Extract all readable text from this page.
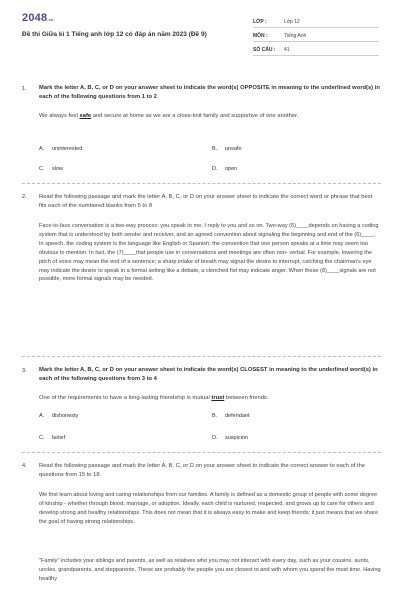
2048.vn
Đề thi Giữa kì 1 Tiếng anh lớp 12 có đáp án năm 2023 (Đề 9)
LỚP :	Lớp 12
MÔN :	Tiếng Anh
SỐ CÂU :	41
1. Mark the letter A, B, C, or D on your answer sheet to indicate the word(s) OPPOSITE in meaning to the underlined word(s) in each of the following questions from 1 to 2
We always feel safe and secure at home as we are a close-knit family and supportive of one another.
A. uninterested	B. unsafe
C. slow	D. open
2. Read the following passage and mark the letter A, B, C, or D on your answer sheet to indicate the correct word or phrase that best fits each of the numbered blanks from 5 to 8

Face-to-face conversation is a two-way process: you speak to me, I reply to you and so on. Two-way (5)____depends on having a coding system that is understood by both sender and receiver, and an agreed convention about signaling the beginning and end of the (6)____. In speech, the coding system is the language like English or Spanish; the convention that one person speaks at a time may seem too obvious to mention. In fact, the (7)____that people use in conversations and meetings are often non- verbal. For example, lowering the pitch of voice may mean the end of a sentence; a sharp intake of breath may signal the desire to interrupt, catching the chairman's eye may indicate the desire to speak in a formal setting like a debate, a clenched fist may indicate anger. When these (8)____signals are not possible, more formal signals may be needed.

3. Mark the letter A, B, C, or D on your answer sheet to indicate the word(s) CLOSEST in meaning to the underlined word(s) in each of the following questions from 3 to 4
One of the requirements to have a long-lasting friendship is mutual trust between friends.
A. dishonesty	B. defendant
C. belief	D. suspicion
4. Read the following passage and mark the letter A, B, C, or D on your answer sheet to indicate the correct answer to each of the questions from 15 to 18.

We first learn about loving and caring relationships from our families. A family is defined as a domestic group of people with some degree of kinship - whether through blood, marriage, or adoption. Ideally, each child is nurtured, respected, and grows up to care for others and develop strong and healthy relationships. This does not mean that it is always easy to make and keep friends; it just means that we share the goal of having strong relationships.

"Family" includes your siblings and parents, as well as relatives who you may not interact with every day, such as your cousins, aunts, uncles, grandparents, and stepparents. These are probably the people you are closest to and with whom you spend the most time. Having healthy
